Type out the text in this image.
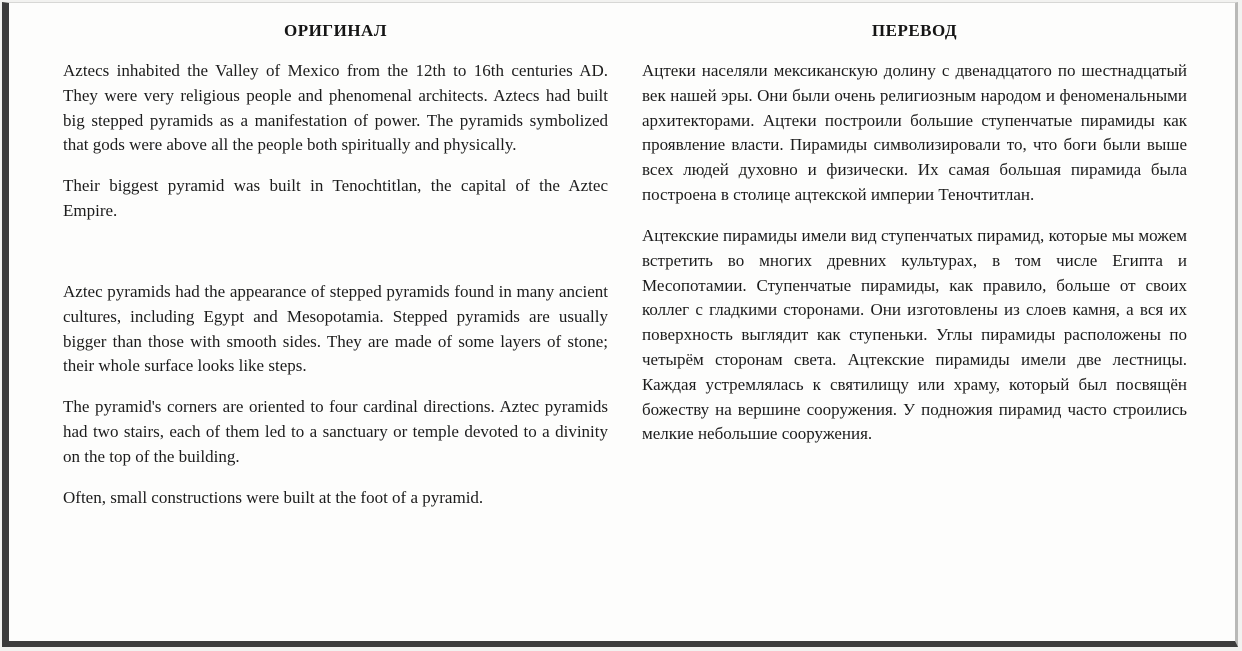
ОРИГИНАЛ

Aztecs inhabited the Valley of Mexico from the 12th to 16th centuries AD. They were very religious people and phenomenal architects. Aztecs had built big stepped pyramids as a manifestation of power. The pyramids symbolized that gods were above all the people both spiritually and physically.

Their biggest pyramid was built in Tenochtitlan, the capital of the Aztec Empire.

Aztec pyramids had the appearance of stepped pyramids found in many ancient cultures, including Egypt and Mesopotamia. Stepped pyramids are usually bigger than those with smooth sides. They are made of some layers of stone; their whole surface looks like steps.

The pyramid's corners are oriented to four cardinal directions. Aztec pyramids had two stairs, each of them led to a sanctuary or temple devoted to a divinity on the top of the building.

Often, small constructions were built at the foot of a pyramid.

ПЕРЕВОД

Ацтеки населяли мексиканскую долину с двенадцатого по шестнадцатый век нашей эры. Они были очень религиозным народом и феноменальными архитекторами. Ацтеки построили большие ступенчатые пирамиды как проявление власти. Пирамиды символизировали то, что боги были выше всех людей духовно и физически. Их самая большая пирамида была построена в столице ацтекской империи Теночтитлан.

Ацтекские пирамиды имели вид ступенчатых пирамид, которые мы можем встретить во многих древних культурах, в том числе Египта и Месопотамии. Ступенчатые пирамиды, как правило, больше от своих коллег с гладкими сторонами. Они изготовлены из слоев камня, а вся их поверхность выглядит как ступеньки. Углы пирамиды расположены по четырём сторонам света. Ацтекские пирамиды имели две лестницы. Каждая устремлялась к святилищу или храму, который был посвящён божеству на вершине сооружения. У подножия пирамид часто строились мелкие небольшие сооружения.
